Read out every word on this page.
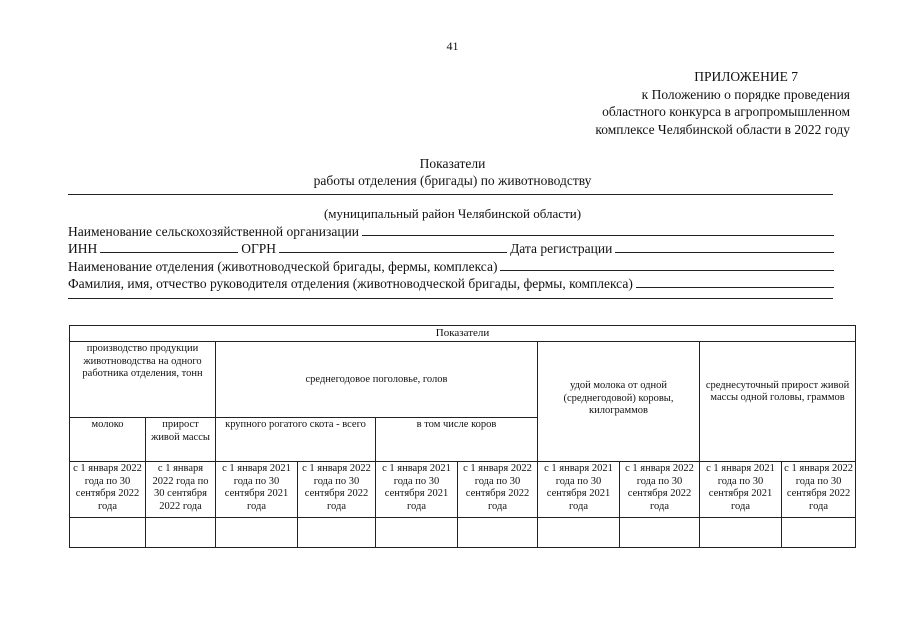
41
ПРИЛОЖЕНИЕ 7
к Положению о порядке проведения
областного конкурса в агропромышленном
комплексе Челябинской области в 2022 году
Показатели
работы отделения (бригады) по животноводству
(муниципальный район Челябинской области)
Наименование сельскохозяйственной организации
ИНН	ОГРН	Дата регистрации
Наименование отделения (животноводческой бригады, фермы, комплекса)
Фамилия, имя, отчество руководителя отделения (животноводческой бригады, фермы, комплекса)
Показатели									
производство продукции животноводства на одного работника отделения, тонн		среднегодовое поголовье, голов				удой молока от одной (среднегодовой) коровы, килограммов		среднесуточный прирост живой массы одной головы, граммов	
молоко	прирост живой массы	крупного рогатого скота - всего		в том числе коров					
с 1 января 2022 года по 30 сентября 2022 года	с 1 января 2022 года по 30 сентября 2022 года	с 1 января 2021 года по 30 сентября 2021 года	с 1 января 2022 года по 30 сентября 2022 года	с 1 января 2021 года по 30 сентября 2021 года	с 1 января 2022 года по 30 сентября 2022 года	с 1 января 2021 года по 30 сентября 2021 года	с 1 января 2022 года по 30 сентября 2022 года	с 1 января 2021 года по 30 сентября 2021 года	с 1 января 2022 года по 30 сентября 2022 года
